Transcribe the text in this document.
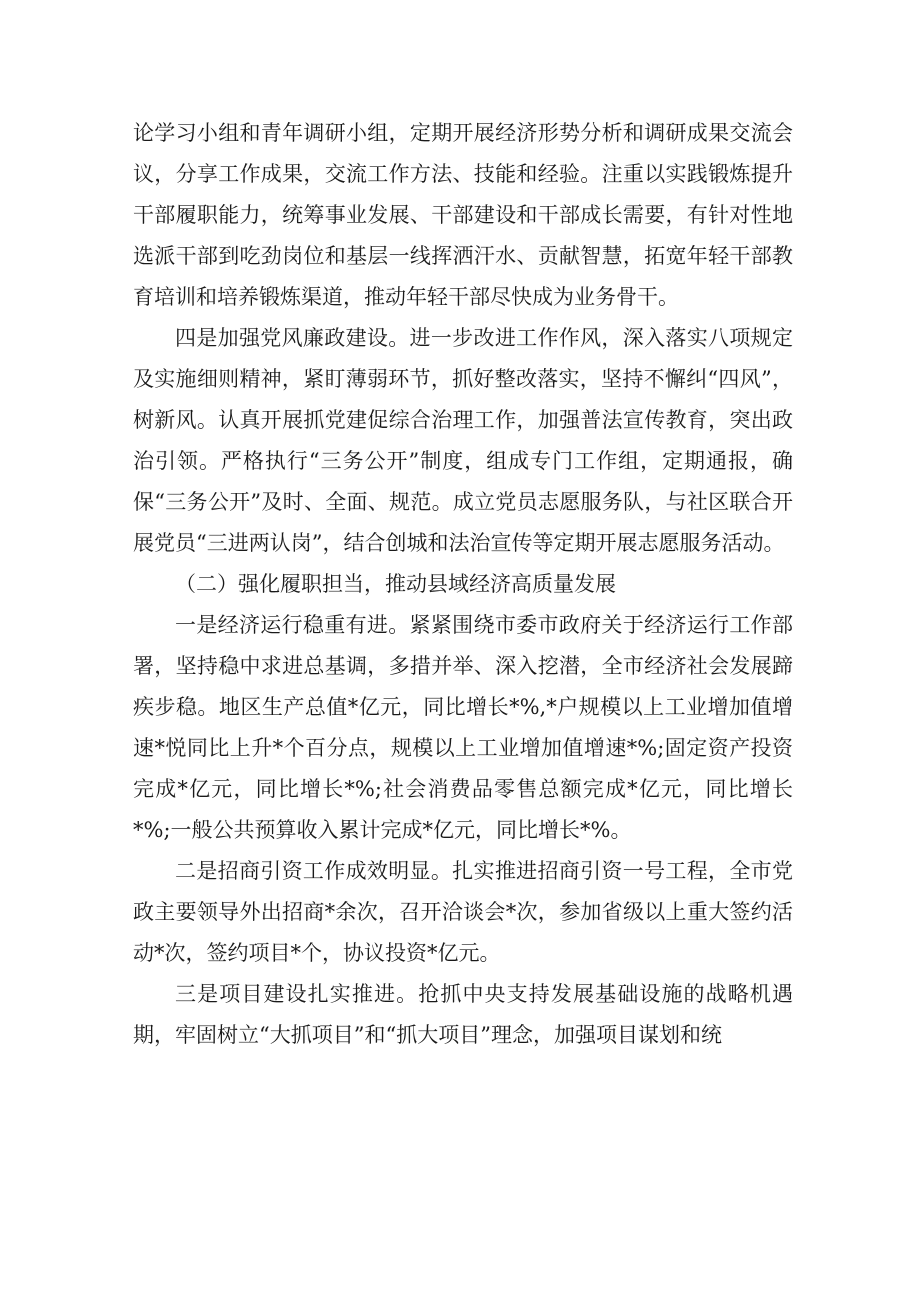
论学习小组和青年调研小组，定期开展经济形势分析和调研成果交流会议，分享工作成果，交流工作方法、技能和经验。注重以实践锻炼提升干部履职能力，统筹事业发展、干部建设和干部成长需要，有针对性地选派干部到吃劲岗位和基层一线挥洒汗水、贡献智慧，拓宽年轻干部教育培训和培养锻炼渠道，推动年轻干部尽快成为业务骨干。

四是加强党风廉政建设。进一步改进工作作风，深入落实八项规定及实施细则精神，紧盯薄弱环节，抓好整改落实，坚持不懈纠“四风”，树新风。认真开展抓党建促综合治理工作，加强普法宣传教育，突出政治引领。严格执行“三务公开”制度，组成专门工作组，定期通报，确保“三务公开”及时、全面、规范。成立党员志愿服务队，与社区联合开展党员“三进两认岗”，结合创城和法治宣传等定期开展志愿服务活动。

（二）强化履职担当，推动县域经济高质量发展

一是经济运行稳重有进。紧紧围绕市委市政府关于经济运行工作部署，坚持稳中求进总基调，多措并举、深入挖潜，全市经济社会发展蹄疾步稳。地区生产总值*亿元，同比增长*%,*户规模以上工业增加值增速*悦同比上升*个百分点，规模以上工业增加值增速*%;固定资产投资完成*亿元，同比增长*%;社会消费品零售总额完成*亿元，同比增长*%;一般公共预算收入累计完成*亿元，同比增长*%。

二是招商引资工作成效明显。扎实推进招商引资一号工程，全市党政主要领导外出招商*余次，召开洽谈会*次，参加省级以上重大签约活动*次，签约项目*个，协议投资*亿元。

三是项目建设扎实推进。抢抓中央支持发展基础设施的战略机遇期，牢固树立“大抓项目”和“抓大项目”理念，加强项目谋划和统
